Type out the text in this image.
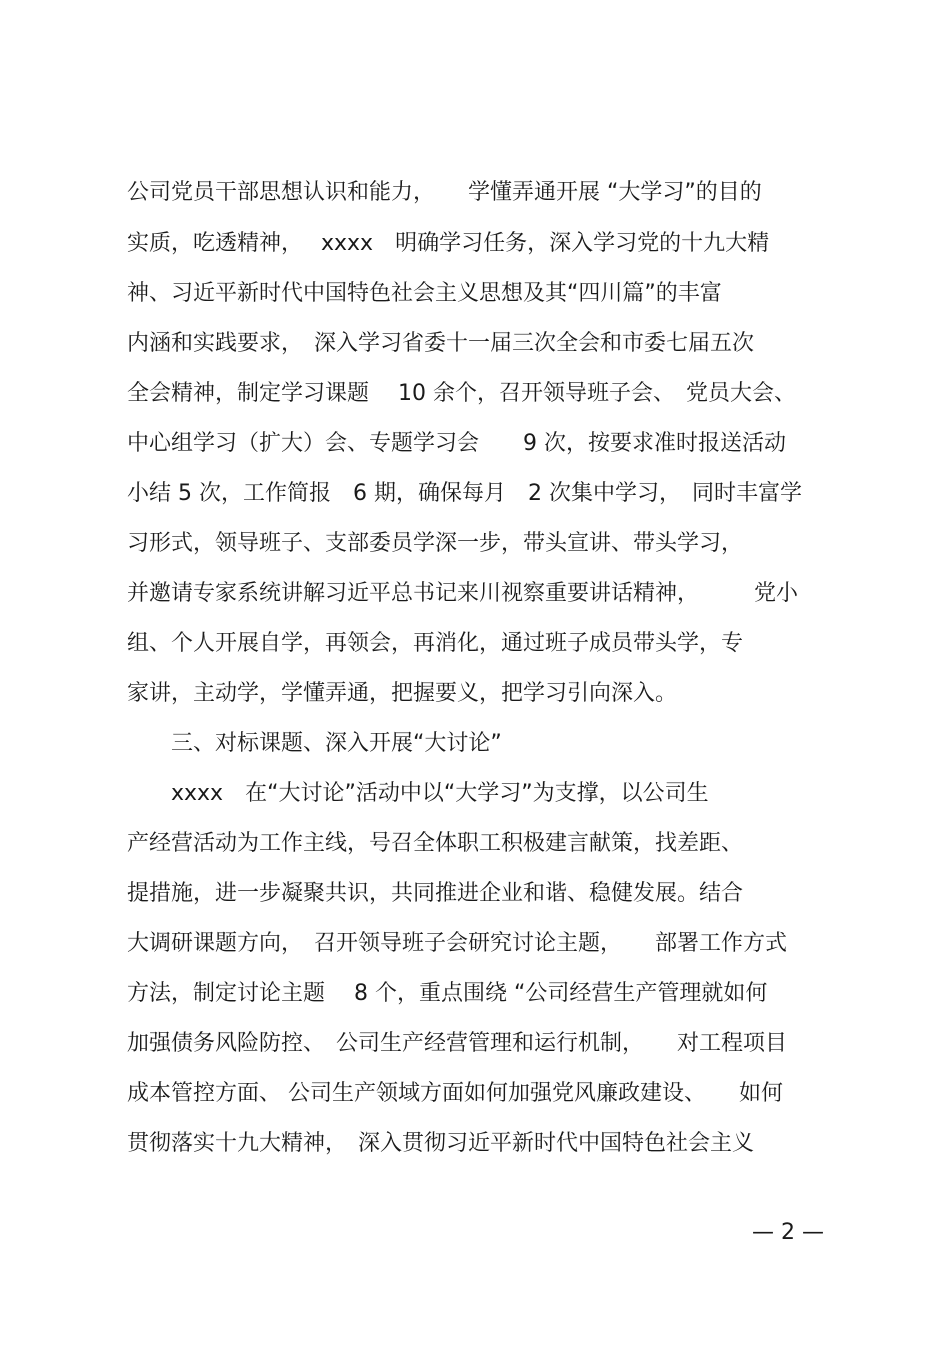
公司党员干部思想认识和能力，　　学懂弄通开展 “大学习”的目的
实质，吃透精神，　 xxxx　明确学习任务，深入学习党的十九大精
神、习近平新时代中国特色社会主义思想及其“四川篇”的丰富
内涵和实践要求，　深入学习省委十一届三次全会和市委七届五次
全会精神，制定学习课题　 10 余个，召开领导班子会、　党员大会、
中心组学习（扩大）会、专题学习会　　9 次，按要求准时报送活动
小结 5 次，工作简报　6 期，确保每月　2 次集中学习，　同时丰富学
习形式，领导班子、支部委员学深一步，带头宣讲、带头学习，
并邀请专家系统讲解习近平总书记来川视察重要讲话精神，　　　党小
组、个人开展自学，再领会，再消化，通过班子成员带头学，专
家讲，主动学，学懂弄通，把握要义，把学习引向深入。
　　三、对标课题、深入开展“大讨论”
　　xxxx　在“大讨论”活动中以“大学习”为支撑，以公司生
产经营活动为工作主线，号召全体职工积极建言献策，找差距、
提措施，进一步凝聚共识，共同推进企业和谐、稳健发展。结合
大调研课题方向，　召开领导班子会研究讨论主题，　　部署工作方式
方法，制定讨论主题　 8 个，重点围绕 “公司经营生产管理就如何
加强债务风险防控、　公司生产经营管理和运行机制，　　对工程项目
成本管控方面、 公司生产领域方面如何加强党风廉政建设、　　如何
贯彻落实十九大精神，　深入贯彻习近平新时代中国特色社会主义
— 2 —
